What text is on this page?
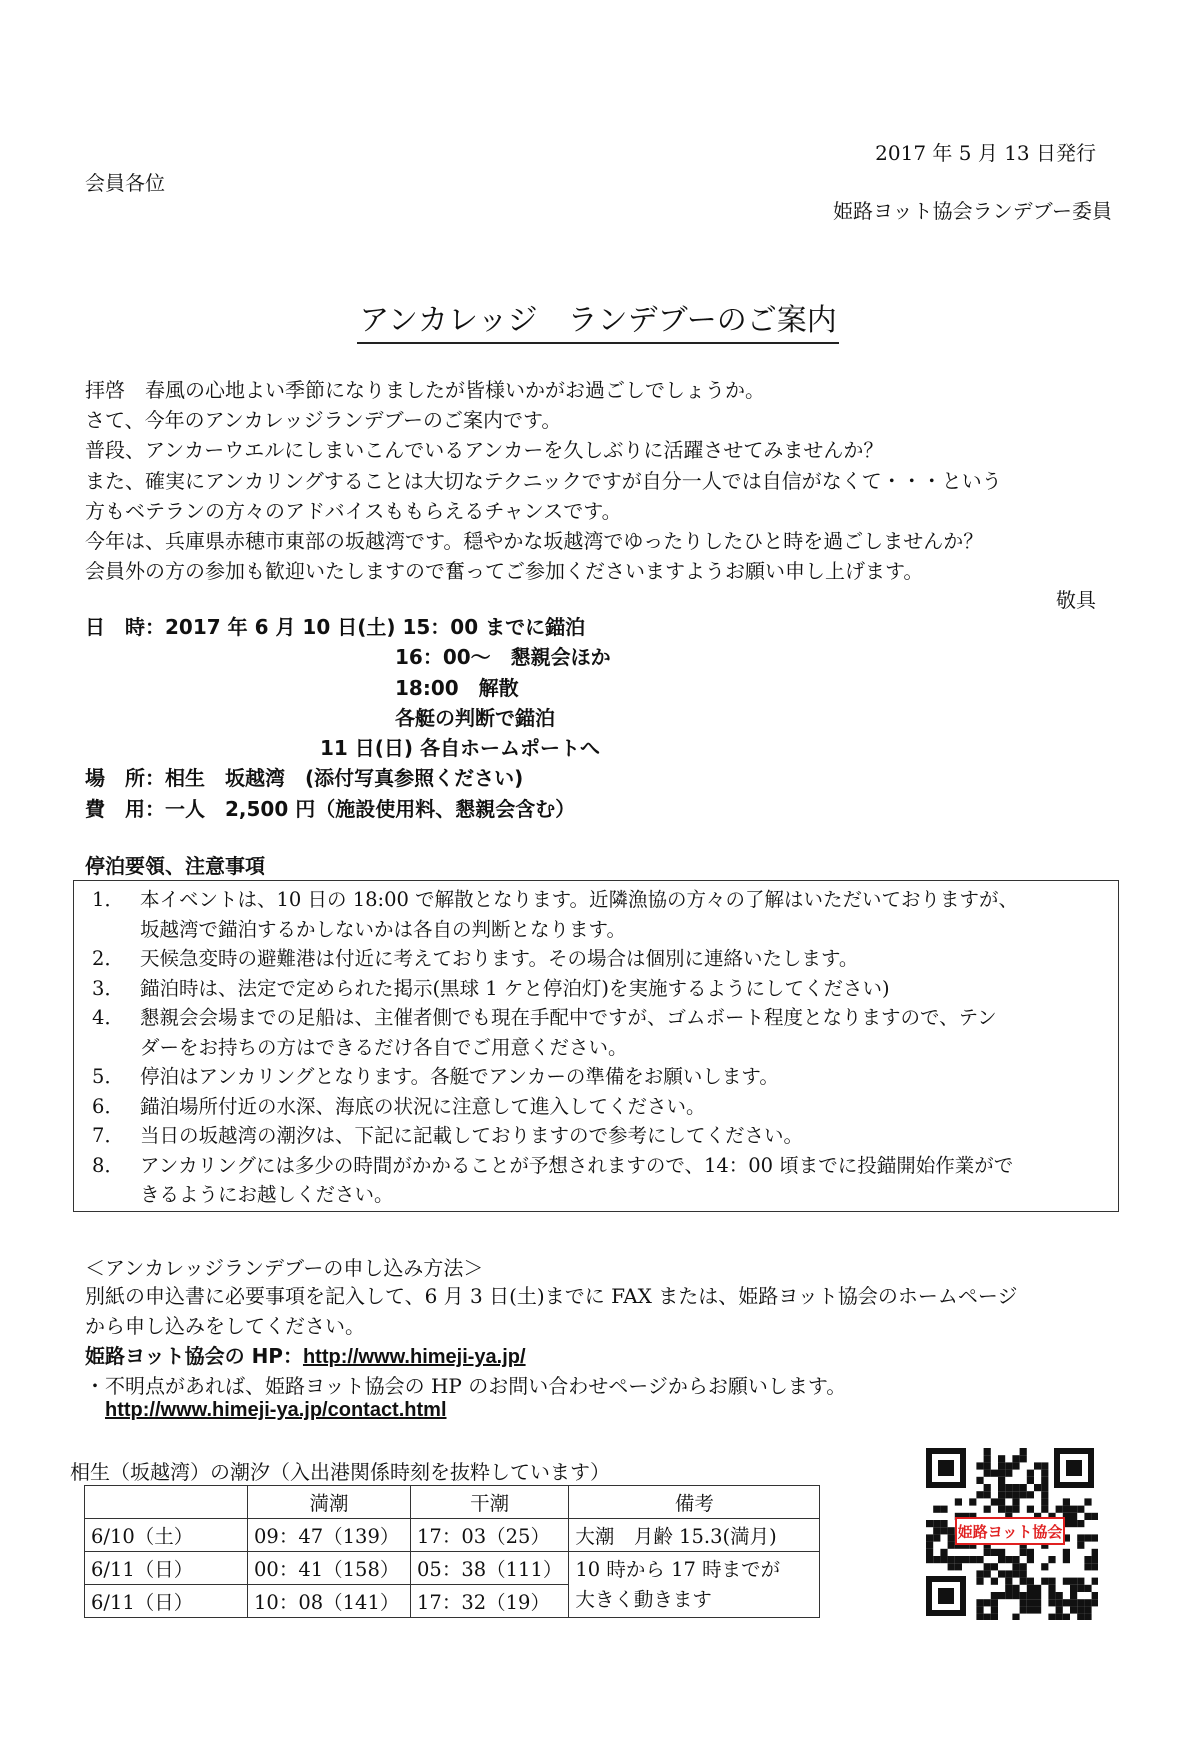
2017 年 5 月 13 日発行
会員各位
姫路ヨット協会ランデブー委員
アンカレッジ　ランデブーのご案内
拝啓　春風の心地よい季節になりましたが皆様いかがお過ごしでしょうか。
さて、今年のアンカレッジランデブーのご案内です。
普段、アンカーウエルにしまいこんでいるアンカーを久しぶりに活躍させてみませんか？
また、確実にアンカリングすることは大切なテクニックですが自分一人では自信がなくて・・・という
方もベテランの方々のアドバイスももらえるチャンスです。
今年は、兵庫県赤穂市東部の坂越湾です。穏やかな坂越湾でゆったりしたひと時を過ごしませんか？
会員外の方の参加も歓迎いたしますので奮ってご参加くださいますようお願い申し上げます。
敬具
日　時： 2017 年 6 月 10 日(土) 15：00 までに錨泊
16：00～　懇親会ほか
18:00　解散
各艇の判断で錨泊
11 日(日) 各自ホームポートへ
場　所： 相生　坂越湾　(添付写真参照ください)
費　用： 一人　2,500 円（施設使用料、懇親会含む）
停泊要領、注意事項
1． 本イベントは、10 日の 18:00 で解散となります。近隣漁協の方々の了解はいただいておりますが、
坂越湾で錨泊するかしないかは各自の判断となります。
2． 天候急変時の避難港は付近に考えております。その場合は個別に連絡いたします。
3． 錨泊時は、法定で定められた掲示(黒球 1 ケと停泊灯)を実施するようにしてください)
4． 懇親会会場までの足船は、主催者側でも現在手配中ですが、ゴムボート程度となりますので、テン
ダーをお持ちの方はできるだけ各自でご用意ください。
5． 停泊はアンカリングとなります。各艇でアンカーの準備をお願いします。
6． 錨泊場所付近の水深、海底の状況に注意して進入してください。
7． 当日の坂越湾の潮汐は、下記に記載しておりますので参考にしてください。
8． アンカリングには多少の時間がかかることが予想されますので、14：00 頃までに投錨開始作業がで
きるようにお越しください。
＜アンカレッジランデブーの申し込み方法＞
別紙の申込書に必要事項を記入して、6 月 3 日(土)までに FAX または、姫路ヨット協会のホームページ
から申し込みをしてください。
姫路ヨット協会の HP：http://www.himeji-ya.jp/
・不明点があれば、姫路ヨット協会の HP のお問い合わせページからお願いします。
http://www.himeji-ya.jp/contact.html
相生（坂越湾）の潮汐（入出港関係時刻を抜粋しています）
	満潮	干潮	備考
6/10（土）	09：47（139）	17：03（25）	大潮　月齢 15.3(満月)
6/11（日）	00：41（158）	05：38（111）	10 時から 17 時までが
大きく動きます

6/11（日）	10：08（141）	17：32（19）	
姫路ヨット協会
